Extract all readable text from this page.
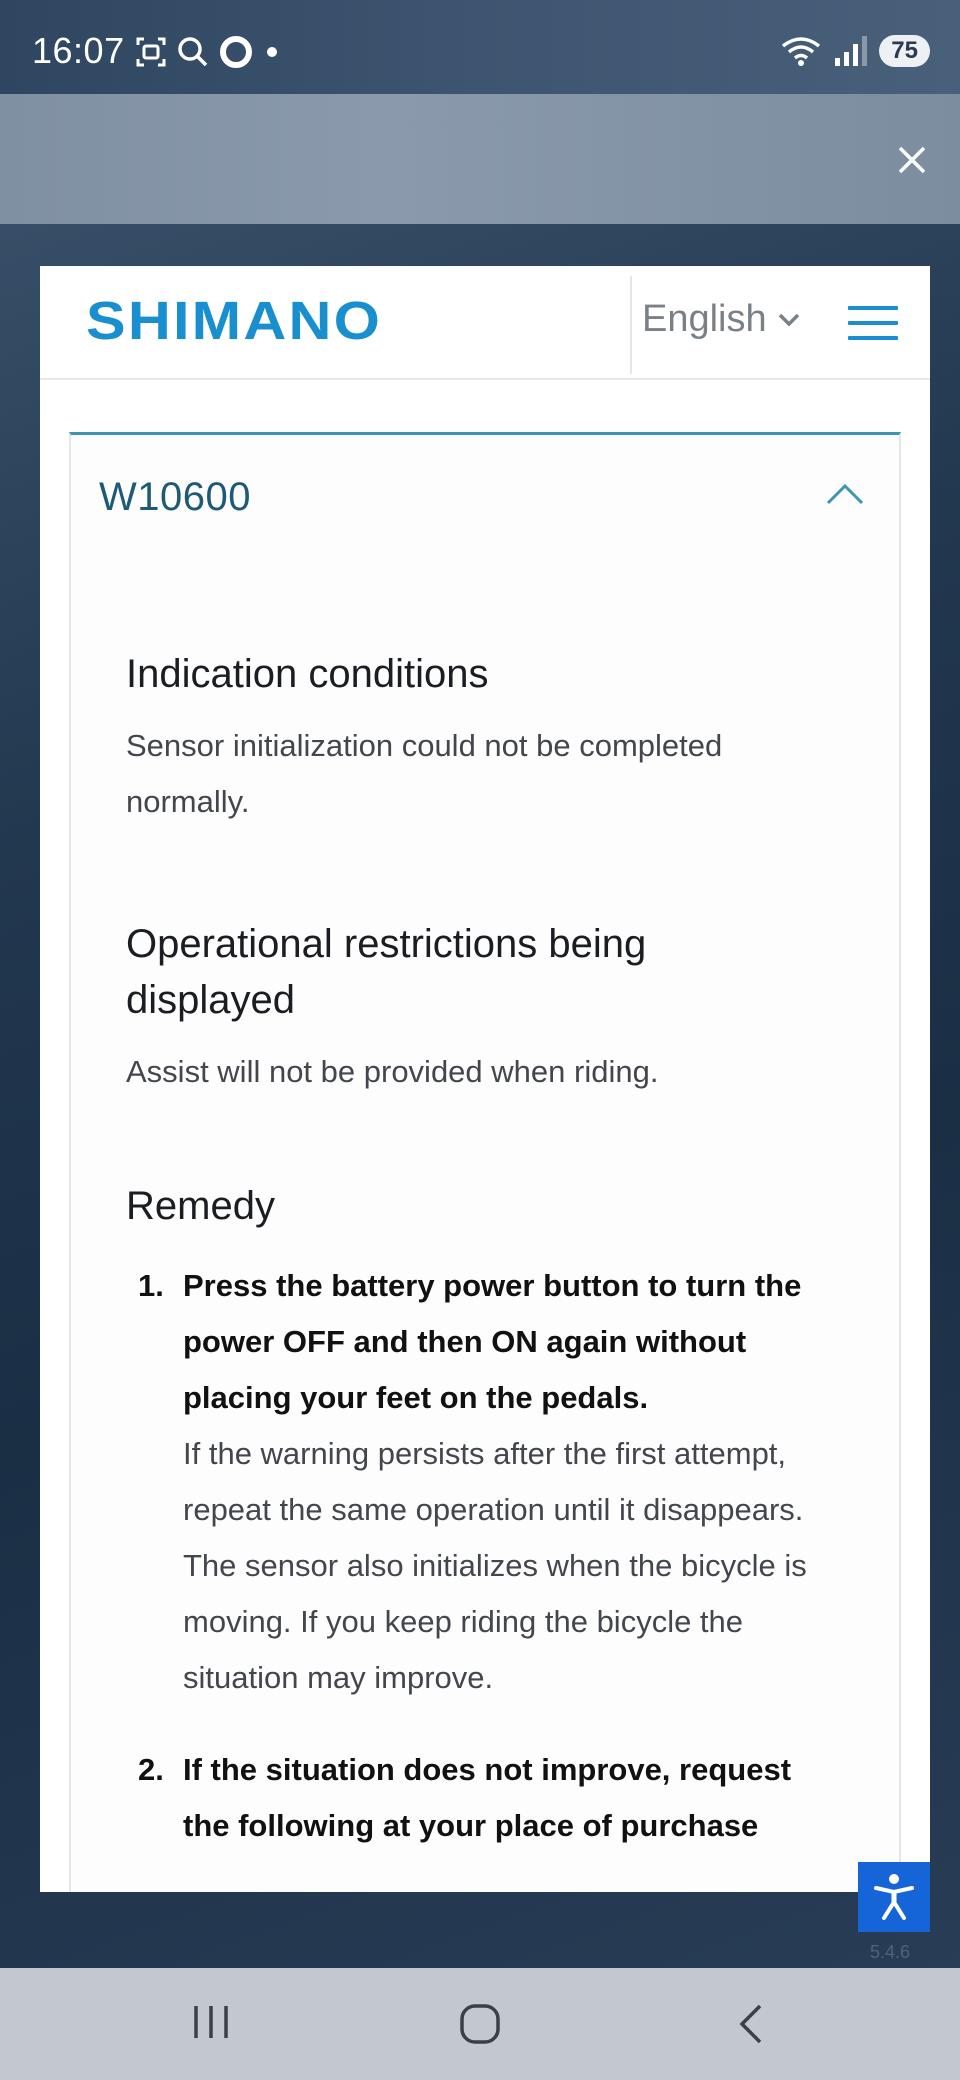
16:07	75
SHIMANO	English
W10600
Indication conditions
Sensor initialization could not be completed normally.
Operational restrictions being displayed
Assist will not be provided when riding.
Remedy
1. Press the battery power button to turn the power OFF and then ON again without placing your feet on the pedals.
If the warning persists after the first attempt, repeat the same operation until it disappears.
The sensor also initializes when the bicycle is moving. If you keep riding the bicycle the situation may improve.
2. If the situation does not improve, request the following at your place of purchase
5.4.6
